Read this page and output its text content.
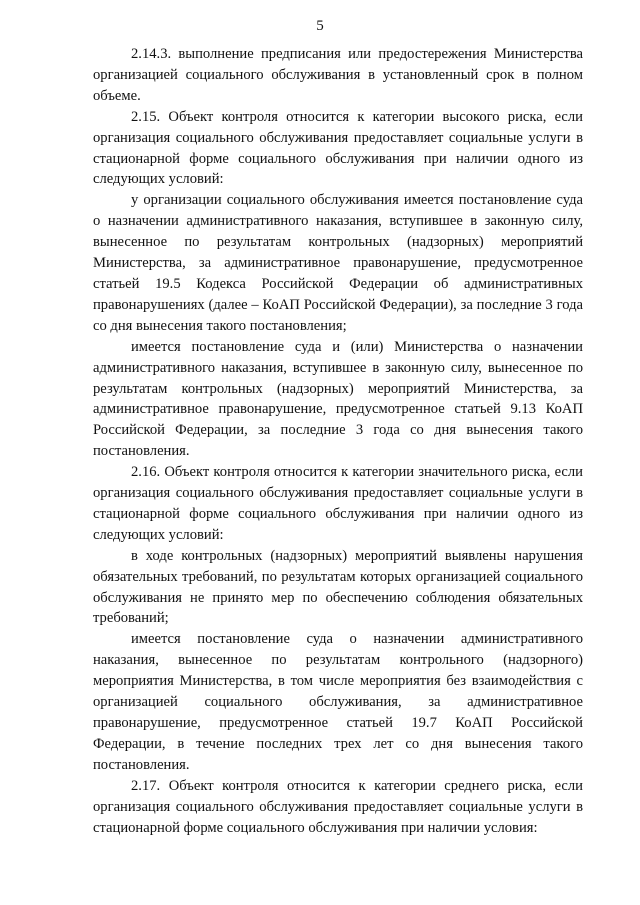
5

2.14.3. выполнение предписания или предостережения Министерства организацией социального обслуживания в установленный срок в полном объеме.

2.15. Объект контроля относится к категории высокого риска, если организация социального обслуживания предоставляет социальные услуги в стационарной форме социального обслуживания при наличии одного из следующих условий:

у организации социального обслуживания имеется постановление суда о назначении административного наказания, вступившее в законную силу, вынесенное по результатам контрольных (надзорных) мероприятий Министерства, за административное правонарушение, предусмотренное статьей 19.5 Кодекса Российской Федерации об административных правонарушениях (далее – КоАП Российской Федерации), за последние 3 года со дня вынесения такого постановления;

имеется постановление суда и (или) Министерства о назначении административного наказания, вступившее в законную силу, вынесенное по результатам контрольных (надзорных) мероприятий Министерства, за административное правонарушение, предусмотренное статьей 9.13 КоАП Российской Федерации, за последние 3 года со дня вынесения такого постановления.

2.16. Объект контроля относится к категории значительного риска, если организация социального обслуживания предоставляет социальные услуги в стационарной форме социального обслуживания при наличии одного из следующих условий:

в ходе контрольных (надзорных) мероприятий выявлены нарушения обязательных требований, по результатам которых организацией социального обслуживания не принято мер по обеспечению соблюдения обязательных требований;

имеется постановление суда о назначении административного наказания, вынесенное по результатам контрольного (надзорного) мероприятия Министерства, в том числе мероприятия без взаимодействия с организацией социального обслуживания, за административное правонарушение, предусмотренное статьей 19.7 КоАП Российской Федерации, в течение последних трех лет со дня вынесения такого постановления.

2.17. Объект контроля относится к категории среднего риска, если организация социального обслуживания предоставляет социальные услуги в стационарной форме социального обслуживания при наличии условия:
